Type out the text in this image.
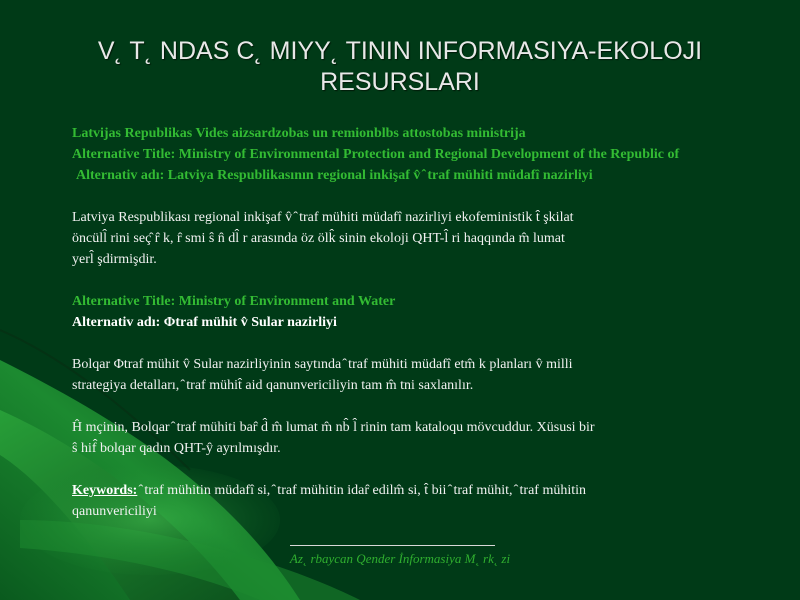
V˛ T˛ NDAS C˛ MIYY˛ TININ INFORMASIYA-EKOLOJI
RESURSLARI
Latvijas Republikas Vides aizsardzobas un remionblbs attostobas ministrija
Alternative Title: Ministry of Environmental Protection and Regional Development of the Republic of
Alternativ adı: Latviya Respublikasının regional inkişaf v̂ ̂ traf mühiti müdafî nazirliyi
Latviya Respublikası regional inkişaf v̂ ̂ traf mühiti müdafî nazirliyi ekofeministik t̂ şkilat
öncüll̂ rini seç̂ r̂ k, r̂ smi ŝ n̂ dl̂ r arasında öz ölk̂ sinin ekoloji QHT-l̂ ri haqqında m̂ lumat
yerl̂ şdirmişdir.
Alternative Title: Ministry of Environment and Water
Alternativ adı: Φtraf mühit v̂ Sular nazirliyi
Bolqar Φtraf mühit v̂ Sular nazirliyinin saytında ̂ traf mühiti müdafî etm̂ k planları v̂ milli
strategiya detalları, ̂ traf mühit̂ aid qanunvericiliyin tam m̂ tni saxlanılır.
Ĥ mçinin, Bolqar ̂ traf mühiti bar̂ d̂ m̂ lumat m̂ nb̂ l̂ rinin tam kataloqu mövcuddur. Xüsusi bir
ŝ hif̂ bolqar qadın QHT-ŷ ayrılmışdır.
Keywords: ̂ traf mühitin müdafî si, ̂ traf mühitin idar̂ edilm̂ si, t̂ bii ̂ traf mühit, ̂ traf mühitin
qanunvericiliyi
Az˛ rbaycan Qender İnformasiya M˛ rk˛ zi
